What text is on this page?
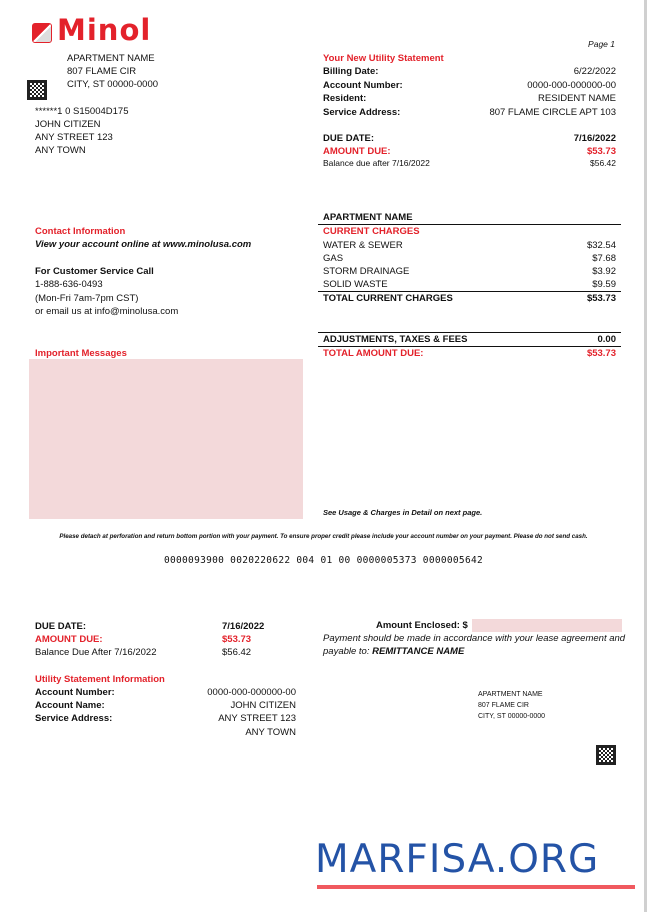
Minol
APARTMENT NAME
807 FLAME CIR
CITY, ST 00000-0000
******1 0 S15004D175
JOHN CITIZEN
ANY STREET 123
ANY TOWN
Page 1
Your New Utility Statement
Billing Date:	6/22/2022
Account Number:	0000-000-000000-00
Resident:	RESIDENT NAME
Service Address:	807 FLAME CIRCLE APT 103
DUE DATE:	7/16/2022
AMOUNT DUE:	$53.73
Balance due after 7/16/2022	$56.42
Contact Information
View your account online at www.minolusa.com
For Customer Service Call
1-888-636-0493
(Mon-Fri 7am-7pm CST)
or email us at info@minolusa.com
Important Messages
APARTMENT NAME
CURRENT CHARGES
WATER & SEWER	$32.54
GAS	$7.68
STORM DRAINAGE	$3.92
SOLID WASTE	$9.59
TOTAL CURRENT CHARGES	$53.73
ADJUSTMENTS, TAXES & FEES	0.00
TOTAL AMOUNT DUE:	$53.73
See Usage & Charges in Detail on next page.
Please detach at perforation and return bottom portion with your payment. To ensure proper credit please include your account number on your payment. Please do not send cash.
0000093900 0020220622 004 01 00 0000005373 0000005642
DUE DATE:	7/16/2022
AMOUNT DUE:	$53.73
Balance Due After 7/16/2022	$56.42
Utility Statement Information
Account Number:	0000-000-000000-00
Account Name:	JOHN CITIZEN
Service Address:	ANY STREET 123
ANY TOWN
Amount Enclosed: $
Payment should be made in accordance with your lease agreement and
payable to: REMITTANCE NAME
APARTMENT NAME
807 FLAME CIR
CITY, ST 00000-0000
MARFISA.ORG
